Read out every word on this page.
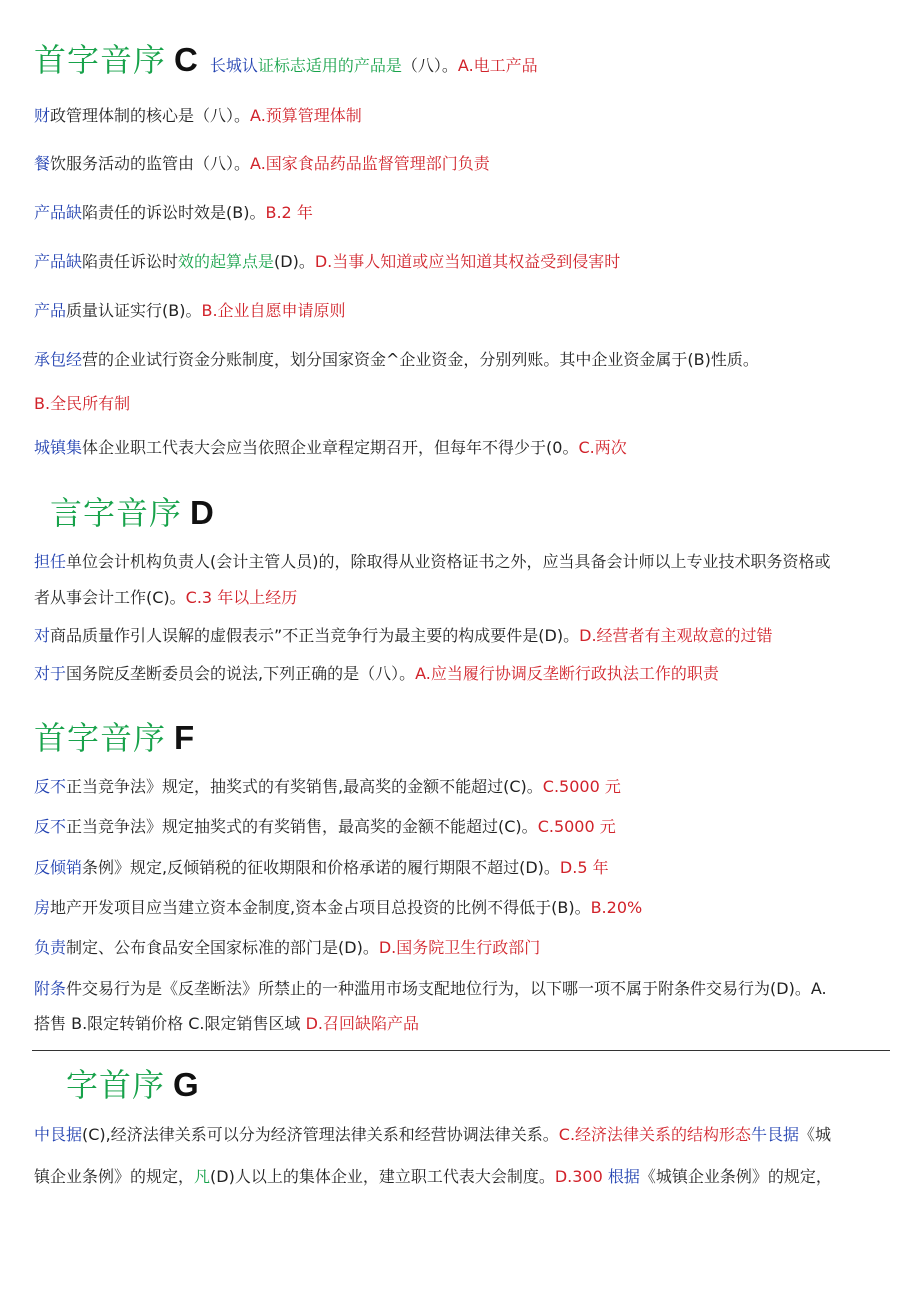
首字音序 C 长城认证标志适用的产品是（八）。A.电工产品
财政管理体制的核心是（八）。A.预算管理体制
餐饮服务活动的监管由（八）。A.国家食品药品监督管理部门负责
产品缺陷责任的诉讼时效是(B)。B.2 年
产品缺陷责任诉讼时效的起算点是(D)。D.当事人知道或应当知道其权益受到侵害时
产品质量认证实行(B)。B.企业自愿申请原则
承包经营的企业试行资金分账制度，划分国家资金^企业资金，分别列账。其中企业资金属于(B)性质。
B.全民所有制
城镇集体企业职工代表大会应当依照企业章程定期召开，但每年不得少于(0。C.两次
言字音序 D
担任单位会计机构负责人(会计主管人员)的，除取得从业资格证书之外，应当具备会计师以上专业技术职务资格或
者从事会计工作(C)。C.3 年以上经历
对商品质量作引人误解的虚假表示”不正当竞争行为最主要的构成要件是(D)。D.经营者有主观故意的过错
对于国务院反垄断委员会的说法,下列正确的是（八）。A.应当履行协调反垄断行政执法工作的职责
首字音序 F
反不正当竞争法》规定，抽奖式的有奖销售,最高奖的金额不能超过(C)。C.5000 元
反不正当竞争法》规定抽奖式的有奖销售，最高奖的金额不能超过(C)。C.5000 元
反倾销条例》规定,反倾销税的征收期限和价格承诺的履行期限不超过(D)。D.5 年
房地产开发项目应当建立资本金制度,资本金占项目总投资的比例不得低于(B)。B.20%
负责制定、公布食品安全国家标准的部门是(D)。D.国务院卫生行政部门
附条件交易行为是《反垄断法》所禁止的一种滥用市场支配地位行为，以下哪一项不属于附条件交易行为(D)。A.
搭售 B.限定转销价格 C.限定销售区域 D.召回缺陷产品
字首序 G
中艮据(C),经济法律关系可以分为经济管理法律关系和经营协调法律关系。C.经济法律关系的结构形态牛艮据《城
镇企业条例》的规定，凡(D)人以上的集体企业，建立职工代表大会制度。D.300 根据《城镇企业条例》的规定，
